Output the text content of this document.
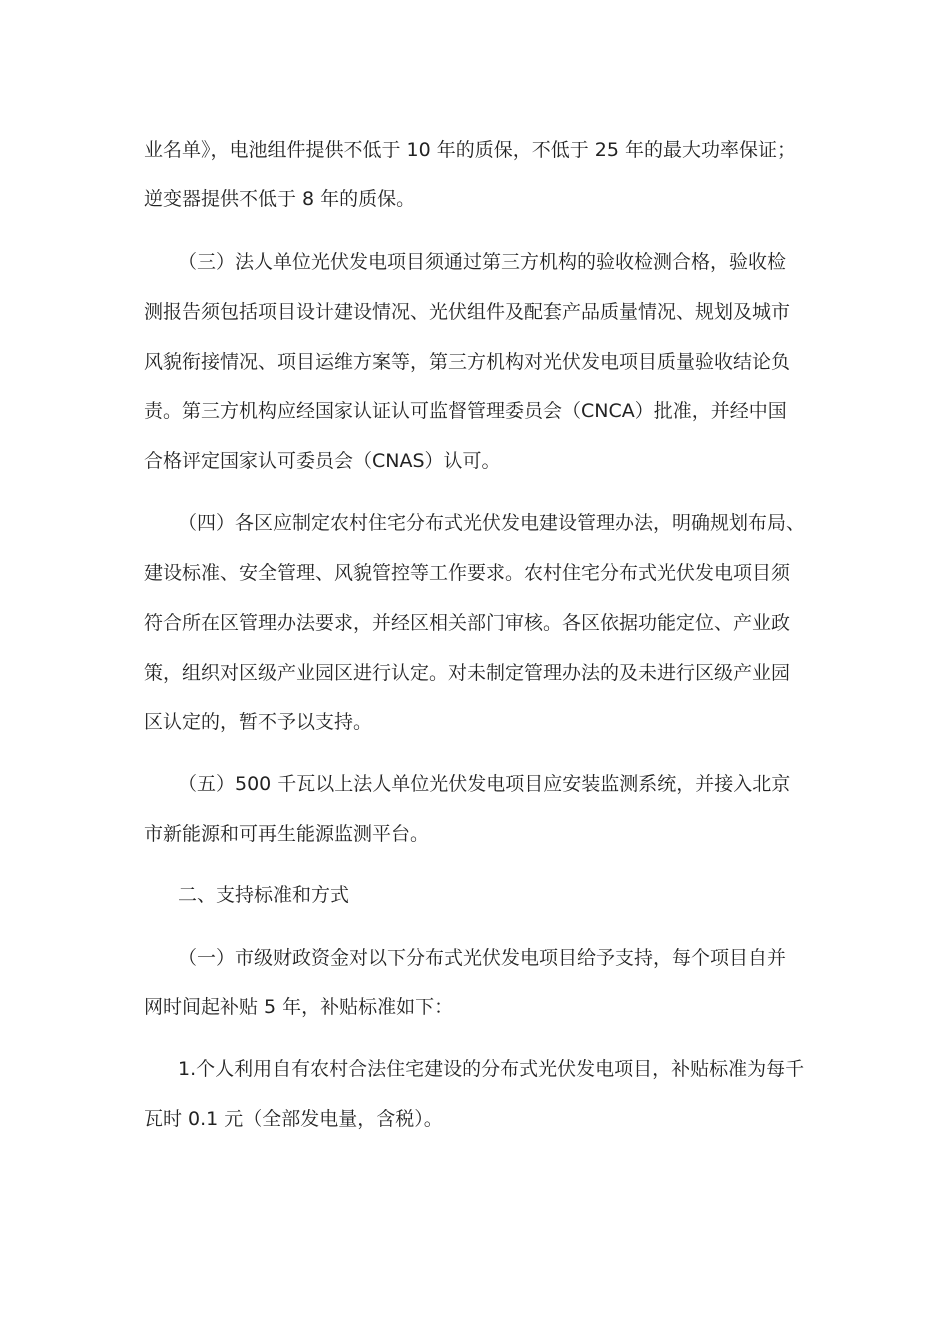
业名单》，电池组件提供不低于 10 年的质保，不低于 25 年的最大功率保证；
逆变器提供不低于 8 年的质保。
（三）法人单位光伏发电项目须通过第三方机构的验收检测合格，验收检
测报告须包括项目设计建设情况、光伏组件及配套产品质量情况、规划及城市
风貌衔接情况、项目运维方案等，第三方机构对光伏发电项目质量验收结论负
责。第三方机构应经国家认证认可监督管理委员会（CNCA）批准，并经中国
合格评定国家认可委员会（CNAS）认可。
（四）各区应制定农村住宅分布式光伏发电建设管理办法，明确规划布局、
建设标准、安全管理、风貌管控等工作要求。农村住宅分布式光伏发电项目须
符合所在区管理办法要求，并经区相关部门审核。各区依据功能定位、产业政
策，组织对区级产业园区进行认定。对未制定管理办法的及未进行区级产业园
区认定的，暂不予以支持。
（五）500 千瓦以上法人单位光伏发电项目应安装监测系统，并接入北京
市新能源和可再生能源监测平台。
二、支持标准和方式
（一）市级财政资金对以下分布式光伏发电项目给予支持，每个项目自并
网时间起补贴 5 年，补贴标准如下：
1.个人利用自有农村合法住宅建设的分布式光伏发电项目，补贴标准为每千
瓦时 0.1 元（全部发电量，含税）。
